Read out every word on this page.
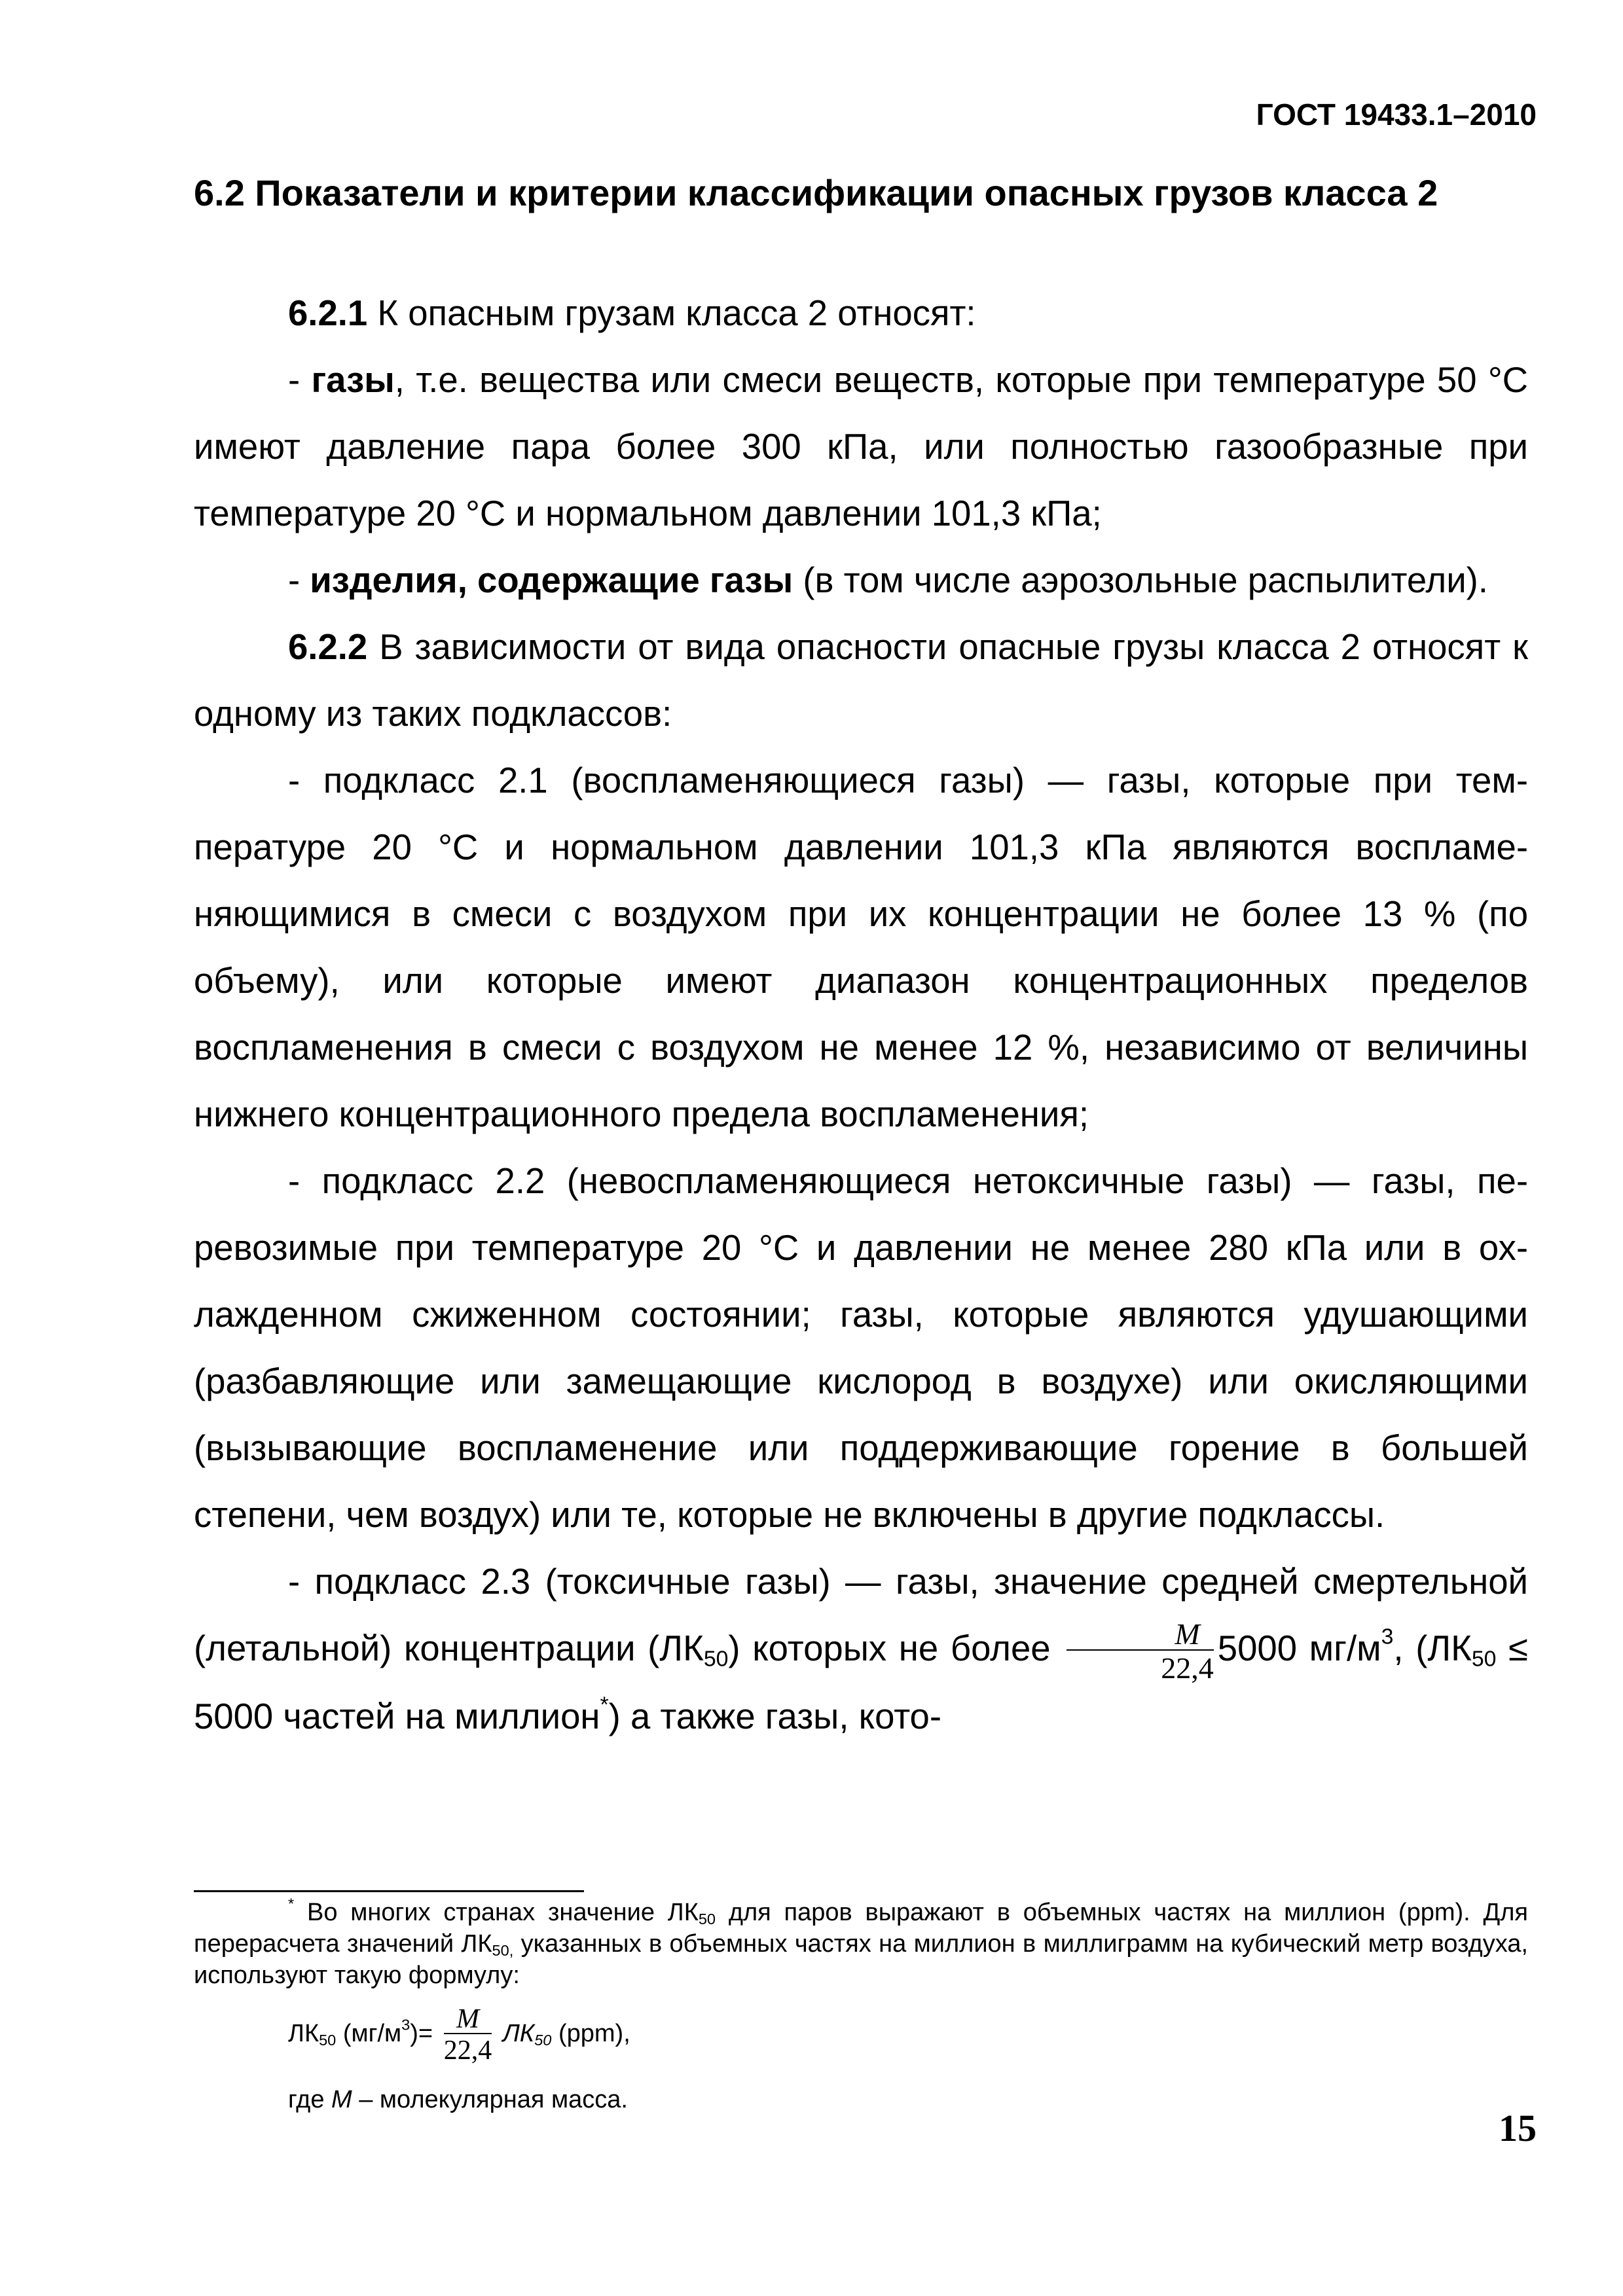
ГОСТ 19433.1–2010
6.2 Показатели и критерии классификации опасных грузов класса 2

6.2.1 К опасным грузам класса 2 относят:

- газы, т.е. вещества или смеси веществ, которые при температуре 50 °С имеют давление пара более 300 кПа, или полностью газообразные при температуре 20 °С и нормальном давлении 101,3 кПа;

- изделия, содержащие газы (в том числе аэрозольные распылители).

6.2.2 В зависимости от вида опасности опасные грузы класса 2 относят к одному из таких подклассов:

- подкласс 2.1 (воспламеняющиеся газы) — газы, которые при температуре 20 °С и нормальном давлении 101,3 кПа являются воспламеняющимися в смеси с воздухом при их концентрации не более 13 % (по объему), или которые имеют диапазон концентрационных пределов воспламенения в смеси с воздухом не менее 12 %, независимо от величины нижнего концентрационного предела воспламенения;

- подкласс 2.2 (невоспламеняющиеся нетоксичные газы) — газы, перевозимые при температуре 20 °С и давлении не менее 280 кПа или в охлажденном сжиженном состоянии; газы, которые являются удушающими (разбавляющие или замещающие кислород в воздухе) или окисляющими (вызывающие воспламенение или поддерживающие горение в большей степени, чем воздух) или те, которые не включены в другие подклассы.

- подкласс 2.3 (токсичные газы) — газы, значение средней смертельной (летальной) концентрации $(ЛК_{50})$ которых не более $\frac{M}{22,4} 5000$ $мг/м^3$, ($ЛК_{50} \le 5000$ частей на миллион*) а также газы, кото-

* Во многих странах значение $ЛК_{50}$ для паров выражают в объемных частях на миллион (ppm). Для перерасчета значений $ЛК_{50,}$ указанных в объемных частях на миллион в миллиграмм на кубический метр воздуха, используют такую формулу:

$ЛК_{50}$ $(мг/м^3)= \frac{M}{22,4} ЛК_{50}$ (ppm),
где M – молекулярная масса.
15
